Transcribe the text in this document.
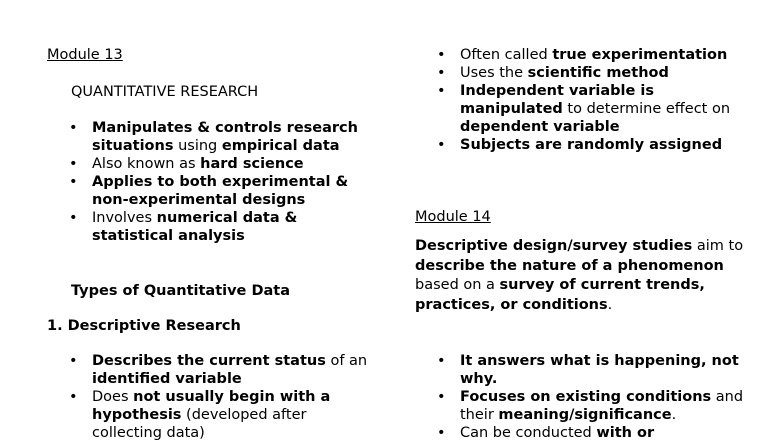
Module 13

QUANTITATIVE RESEARCH

• Manipulates & controls research situations using empirical data
• Also known as hard science
• Applies to both experimental & non-experimental designs
• Involves numerical data & statistical analysis

Types of Quantitative Data

1. Descriptive Research

• Describes the current status of an identified variable
• Does not usually begin with a hypothesis (developed after collecting data)
• Often called true experimentation
• Uses the scientific method
• Independent variable is manipulated to determine effect on dependent variable
• Subjects are randomly assigned

Module 14

Descriptive design/survey studies aim to describe the nature of a phenomenon based on a survey of current trends, practices, or conditions.

• It answers what is happening, not why.
• Focuses on existing conditions and their meaning/significance.
• Can be conducted with or
